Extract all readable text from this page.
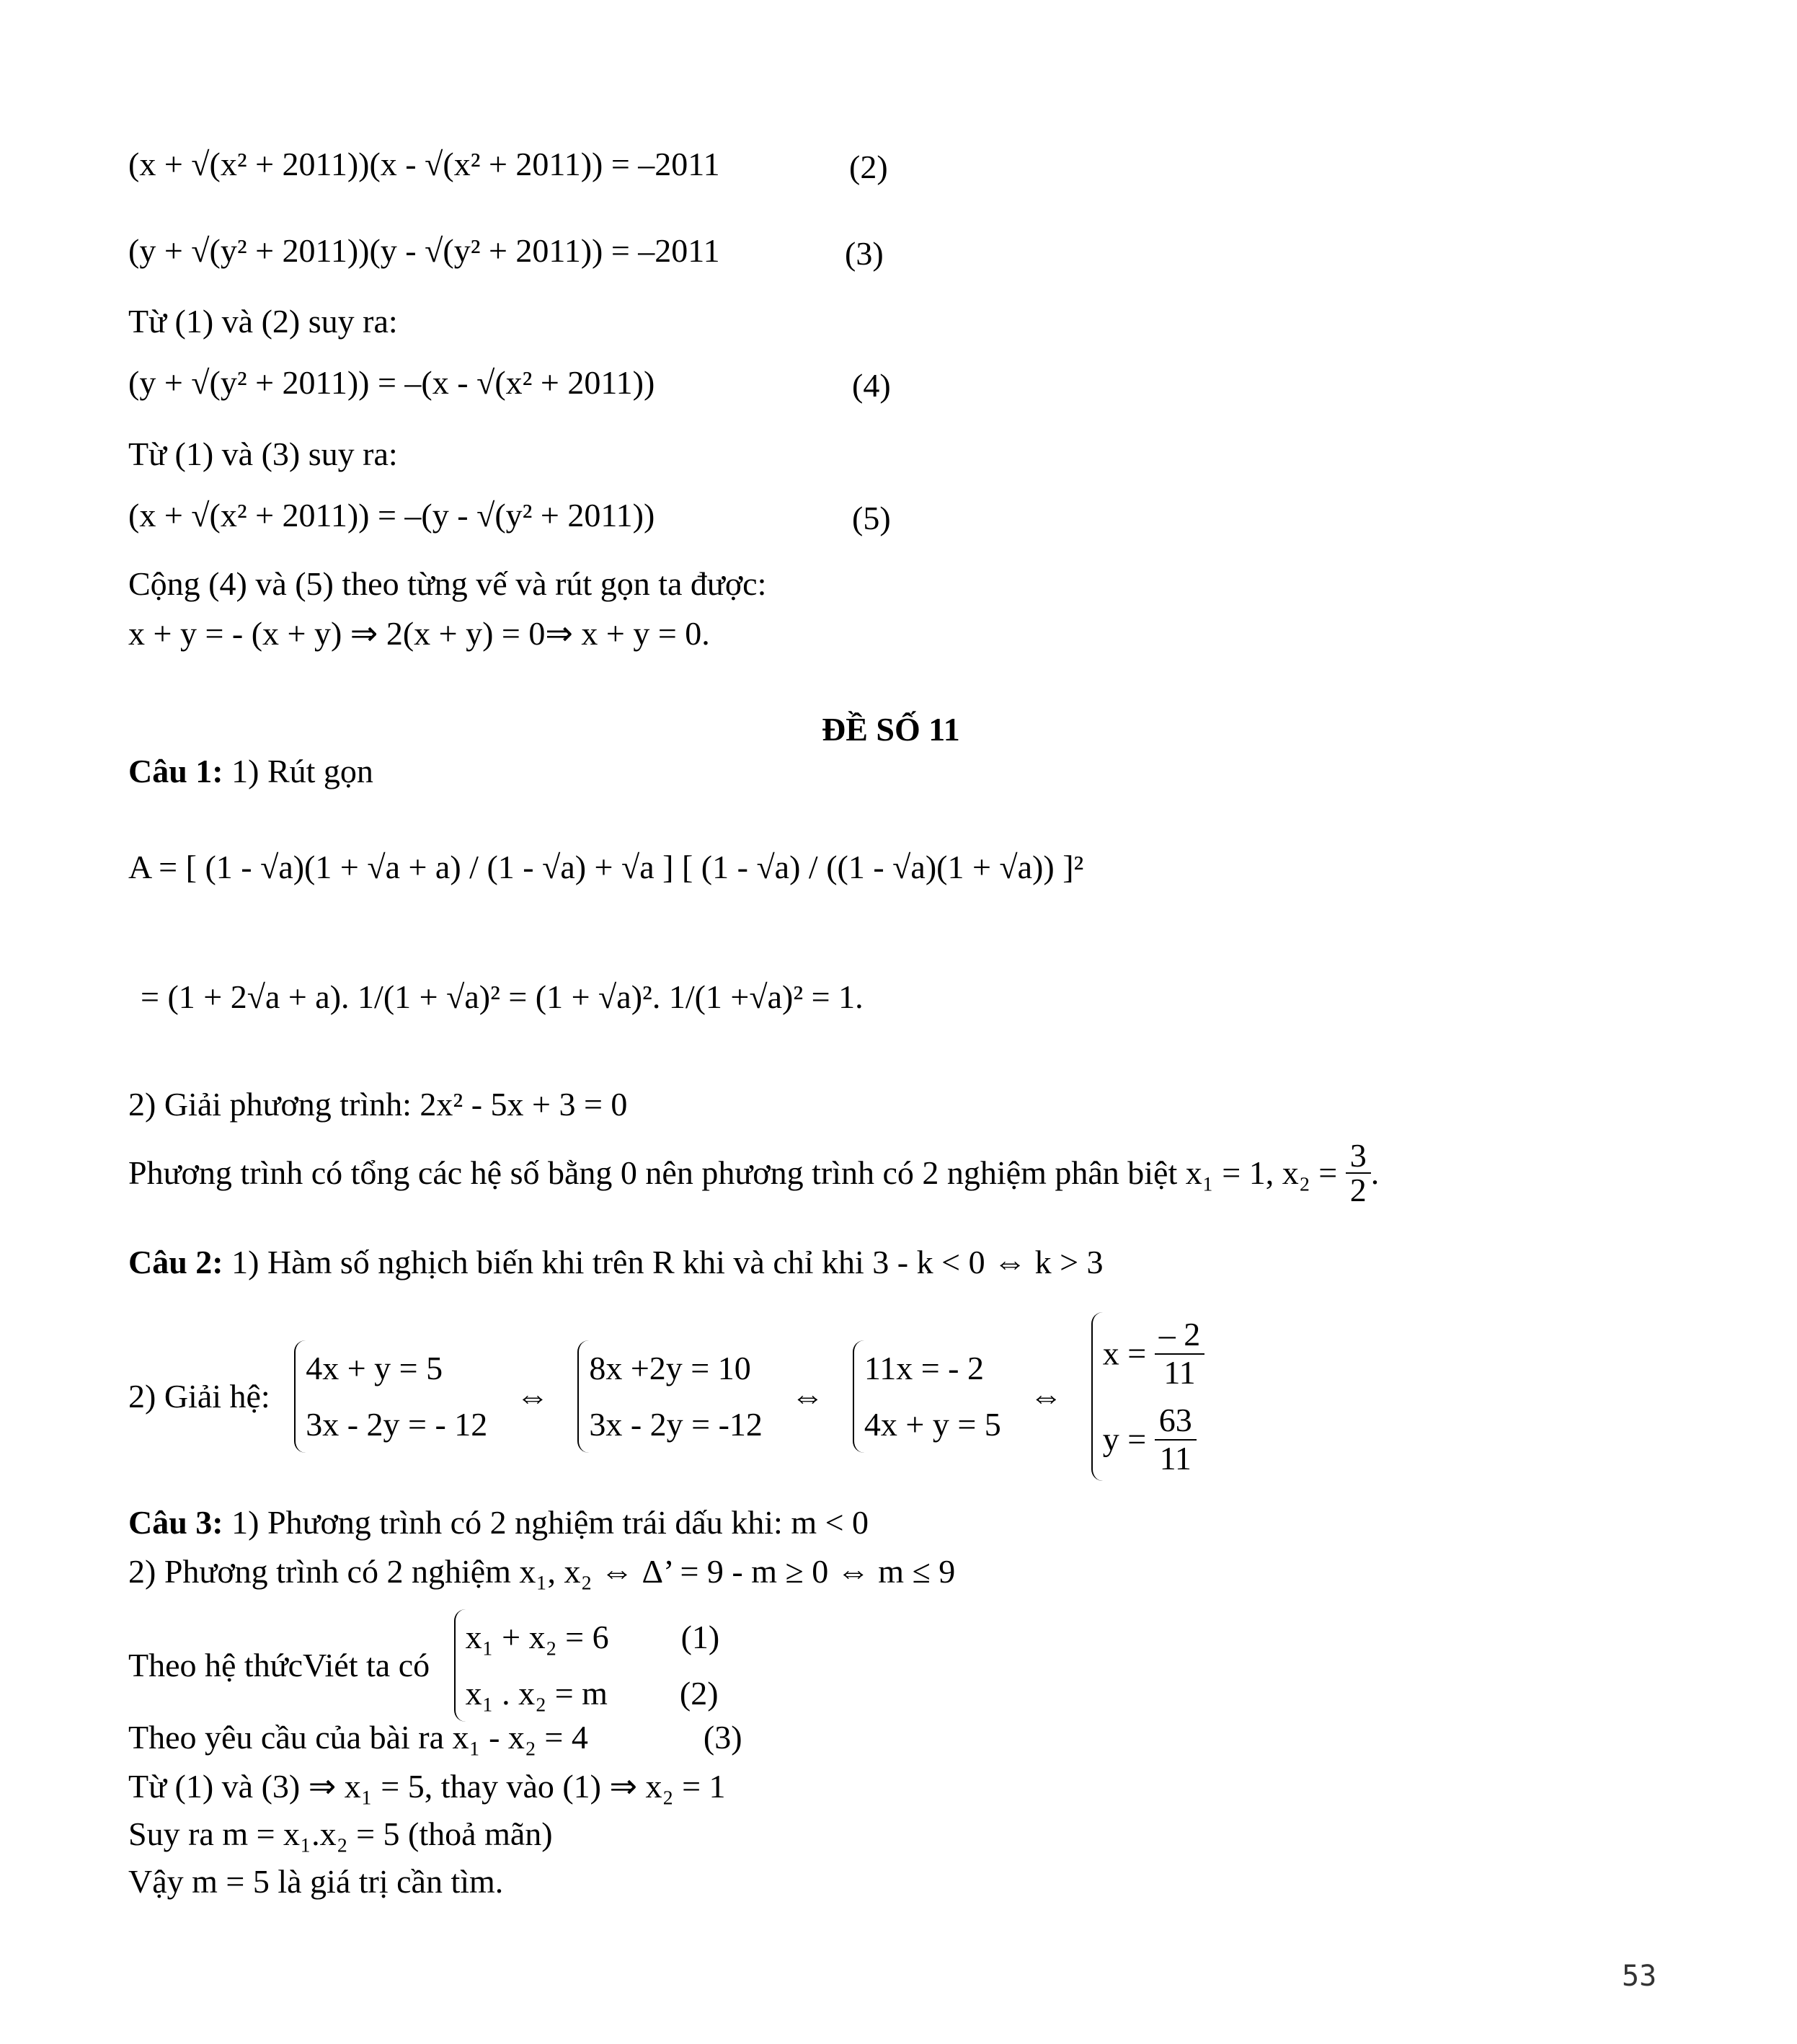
(x + √(x² + 2011))(x - √(x² + 2011)) = –2011	(2)
(y + √(y² + 2011))(y - √(y² + 2011)) = –2011	(3)
Từ (1) và (2) suy ra:
(y + √(y² + 2011)) = –(x - √(x² + 2011))	(4)
Từ (1) và (3) suy ra:
(x + √(x² + 2011)) = –(y - √(y² + 2011))	(5)
Cộng (4) và (5) theo từng vế và rút gọn ta được:
x + y = - (x + y) ⇒ 2(x + y) = 0⇒ x + y = 0.
ĐỀ SỐ 11
Câu 1: 1) Rút gọn
A = [ (1 - √a)(1 + √a + a) / (1 - √a) + √a ] [ (1 - √a) / ((1 - √a)(1 + √a)) ]²
= (1 + 2√a + a). 1/(1 + √a)² = (1 + √a)². 1/(1 +√a)² = 1.
2) Giải phương trình: 2x² - 5x + 3 = 0
Phương trình có tổng các hệ số bằng 0 nên phương trình có 2 nghiệm phân biệt x₁ = 1, $x_2 = \frac{3}{2}$ .
Câu 2: 1) Hàm số nghịch biến khi trên R khi và chỉ khi 3 - k < 0 ⇔ k > 3
2) Giải hệ:
4x + y = 5
3x - 2y = - 12
⇔
8x +2y = 10
3x - 2y = -12
⇔
11x = - 2
4x + y = 5
⇔
$x = \frac{- 2}{11}$
$y = \frac{63}{11}$
Câu 3: 1) Phương trình có 2 nghiệm trái dấu khi: m < 0
2) Phương trình có 2 nghiệm x₁, x₂ ⇔ Δ’ = 9 - m ≥ 0 ⇔ m ≤ 9
Theo hệ thứcViét ta có
x₁ + x₂ = 6 (1)
x₁ . x₂ = m (2)
Theo yêu cầu của bài ra x₁ - x₂ = 4	(3)
Từ (1) và (3) ⇒ x₁ = 5, thay vào (1) ⇒ x₂ = 1
Suy ra m = x₁.x₂ = 5 (thoả mãn)
Vậy m = 5 là giá trị cần tìm.
53
